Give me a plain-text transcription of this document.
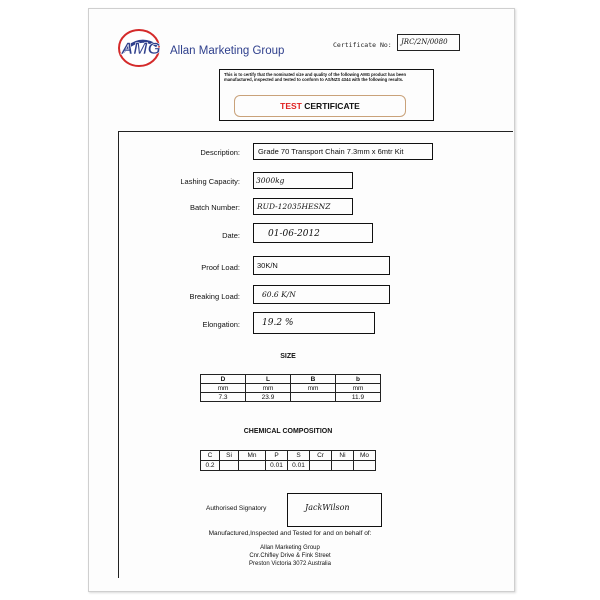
AMG Allan Marketing Group	Certificate No:	JRC/2N/0080
This is to certify that the nominated size and quality of the following AMG product has been manufactured, inspected and tested to conform to AS/NZS 4344 with the following results.
TEST CERTIFICATE
Description: Grade 70 Transport Chain 7.3mm x 6mtr Kit
Lashing Capacity: 3000kg
Batch Number: RUD-12035HESNZ
Date:	01-06-2012
Proof Load: 30K/N
Breaking Load:	60.6 K/N
Elongation: 19.2 %
SIZE
D	L	B	b
mm	mm	mm	mm
7.3	23.9		11.9
CHEMICAL COMPOSITION
C	Si	Mn	P	S	Cr	Ni	Mo
0.2			0.01	0.01			
Authorised Signatory	JackWilson
Manufactured,Inspected and Tested for and on behalf of:
Allan Marketing Group
Cnr.Chifley Drive & Fink Street
Preston Victoria 3072 Australia
